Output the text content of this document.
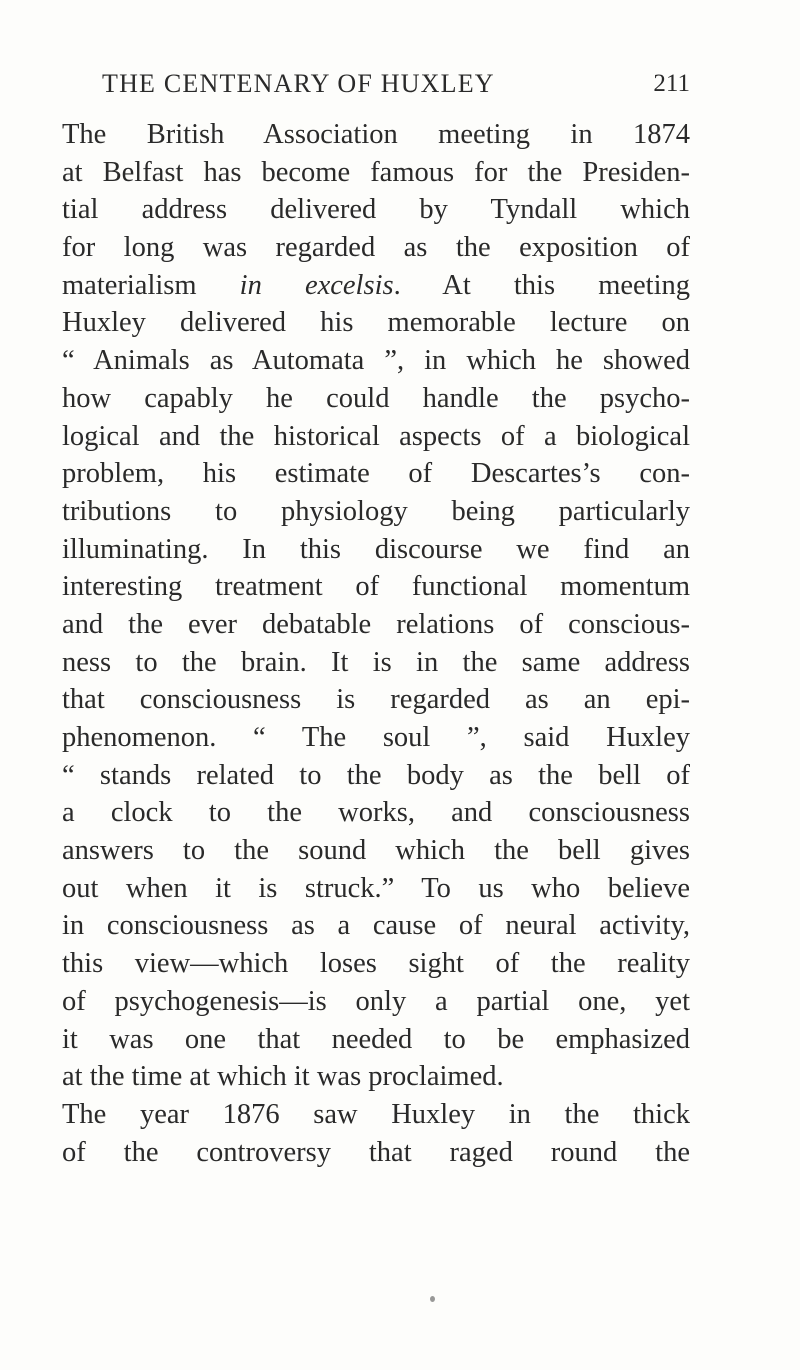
THE CENTENARY OF HUXLEY	211
The British Association meeting in 1874
at Belfast has become famous for the Presiden-
tial address delivered by Tyndall which
for long was regarded as the exposition of
materialism in excelsis. At this meeting
Huxley delivered his memorable lecture on
“ Animals as Automata ”, in which he showed
how capably he could handle the psycho-
logical and the historical aspects of a biological
problem, his estimate of Descartes’s con-
tributions to physiology being particularly
illuminating. In this discourse we find an
interesting treatment of functional momentum
and the ever debatable relations of conscious-
ness to the brain. It is in the same address
that consciousness is regarded as an epi-
phenomenon. “ The soul ”, said Huxley
“ stands related to the body as the bell of
a clock to the works, and consciousness
answers to the sound which the bell gives
out when it is struck.” To us who believe
in consciousness as a cause of neural activity,
this view—which loses sight of the reality
of psychogenesis—is only a partial one, yet
it was one that needed to be emphasized
at the time at which it was proclaimed.
The year 1876 saw Huxley in the thick
of the controversy that raged round the
